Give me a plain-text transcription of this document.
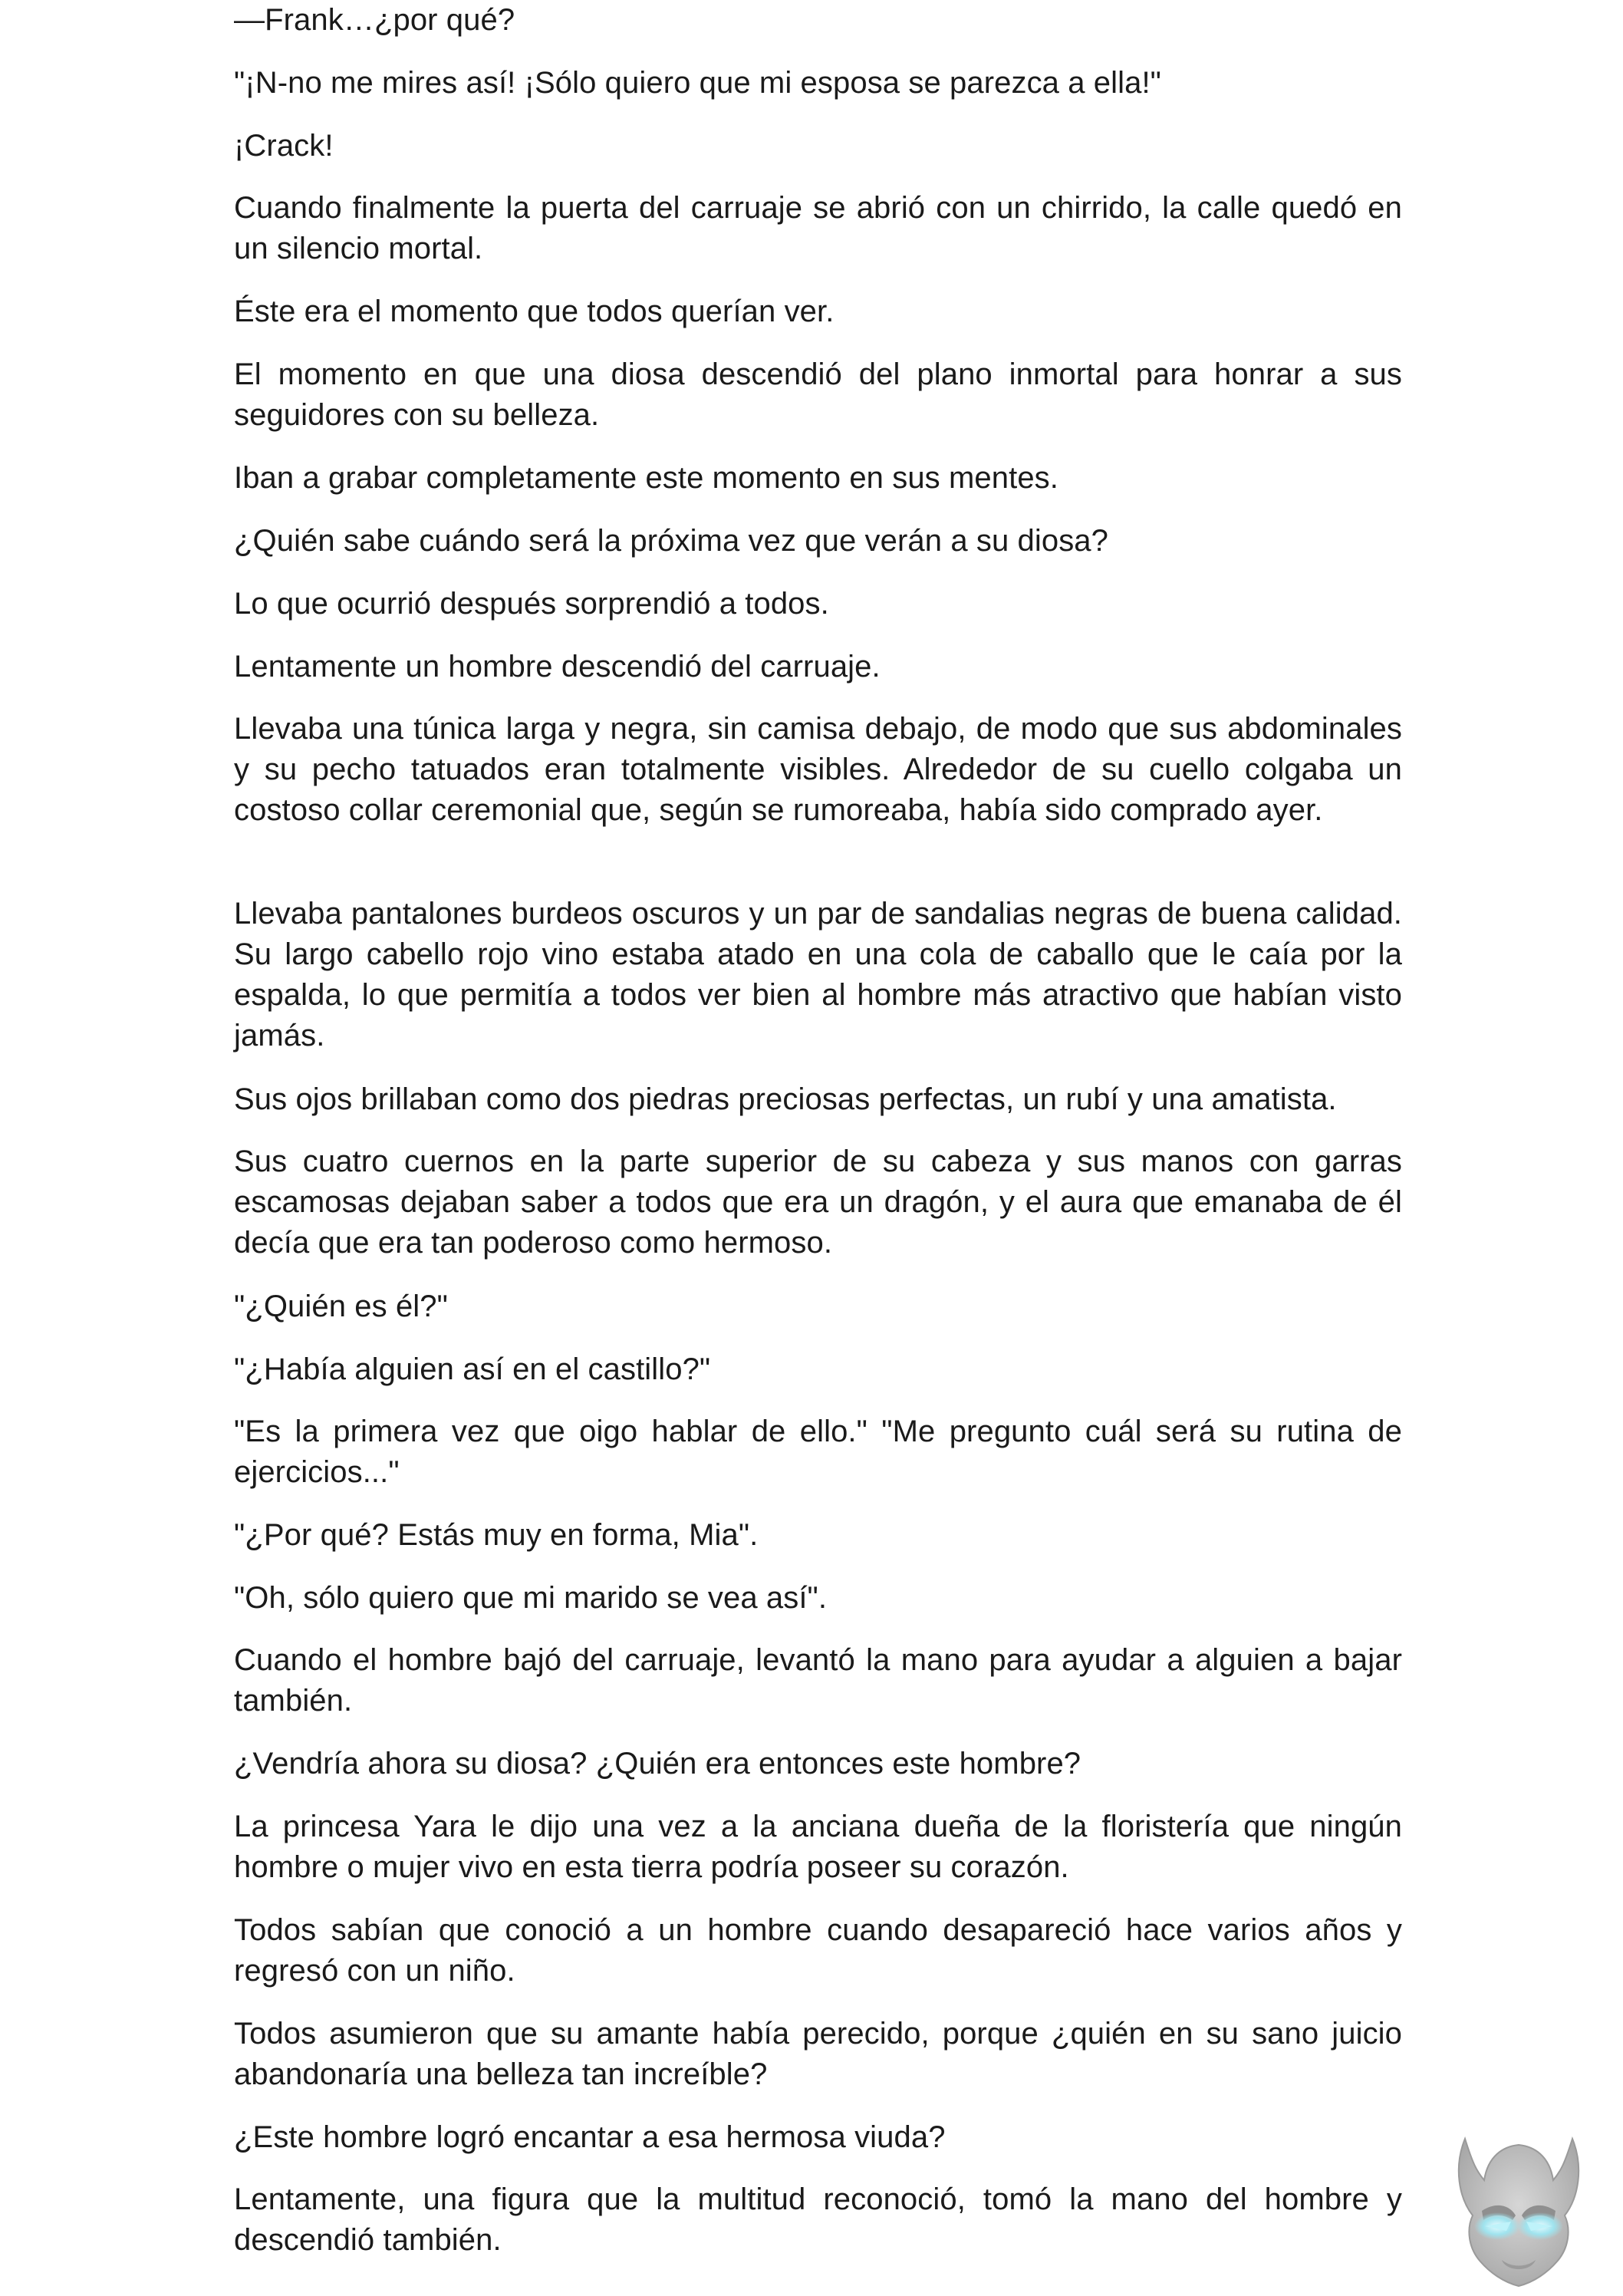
—Frank…¿por qué?

"¡N-no me mires así! ¡Sólo quiero que mi esposa se parezca a ella!"

¡Crack!

Cuando finalmente la puerta del carruaje se abrió con un chirrido, la calle quedó en un silencio mortal.

Éste era el momento que todos querían ver.

El momento en que una diosa descendió del plano inmortal para honrar a sus seguidores con su belleza.

Iban a grabar completamente este momento en sus mentes.

¿Quién sabe cuándo será la próxima vez que verán a su diosa?

Lo que ocurrió después sorprendió a todos.

Lentamente un hombre descendió del carruaje.

Llevaba una túnica larga y negra, sin camisa debajo, de modo que sus abdominales y su pecho tatuados eran totalmente visibles. Alrededor de su cuello colgaba un costoso collar ceremonial que, según se rumoreaba, había sido comprado ayer.

Llevaba pantalones burdeos oscuros y un par de sandalias negras de buena calidad. Su largo cabello rojo vino estaba atado en una cola de caballo que le caía por la espalda, lo que permitía a todos ver bien al hombre más atractivo que habían visto jamás.

Sus ojos brillaban como dos piedras preciosas perfectas, un rubí y una amatista.

Sus cuatro cuernos en la parte superior de su cabeza y sus manos con garras escamosas dejaban saber a todos que era un dragón, y el aura que emanaba de él decía que era tan poderoso como hermoso.

"¿Quién es él?"

"¿Había alguien así en el castillo?"

"Es la primera vez que oigo hablar de ello." "Me pregunto cuál será su rutina de ejercicios..."

"¿Por qué? Estás muy en forma, Mia".

"Oh, sólo quiero que mi marido se vea así".

Cuando el hombre bajó del carruaje, levantó la mano para ayudar a alguien a bajar también.

¿Vendría ahora su diosa? ¿Quién era entonces este hombre?

La princesa Yara le dijo una vez a la anciana dueña de la floristería que ningún hombre o mujer vivo en esta tierra podría poseer su corazón.

Todos sabían que conoció a un hombre cuando desapareció hace varios años y regresó con un niño.

Todos asumieron que su amante había perecido, porque ¿quién en su sano juicio abandonaría una belleza tan increíble?

¿Este hombre logró encantar a esa hermosa viuda?

Lentamente, una figura que la multitud reconoció, tomó la mano del hombre y descendió también.
